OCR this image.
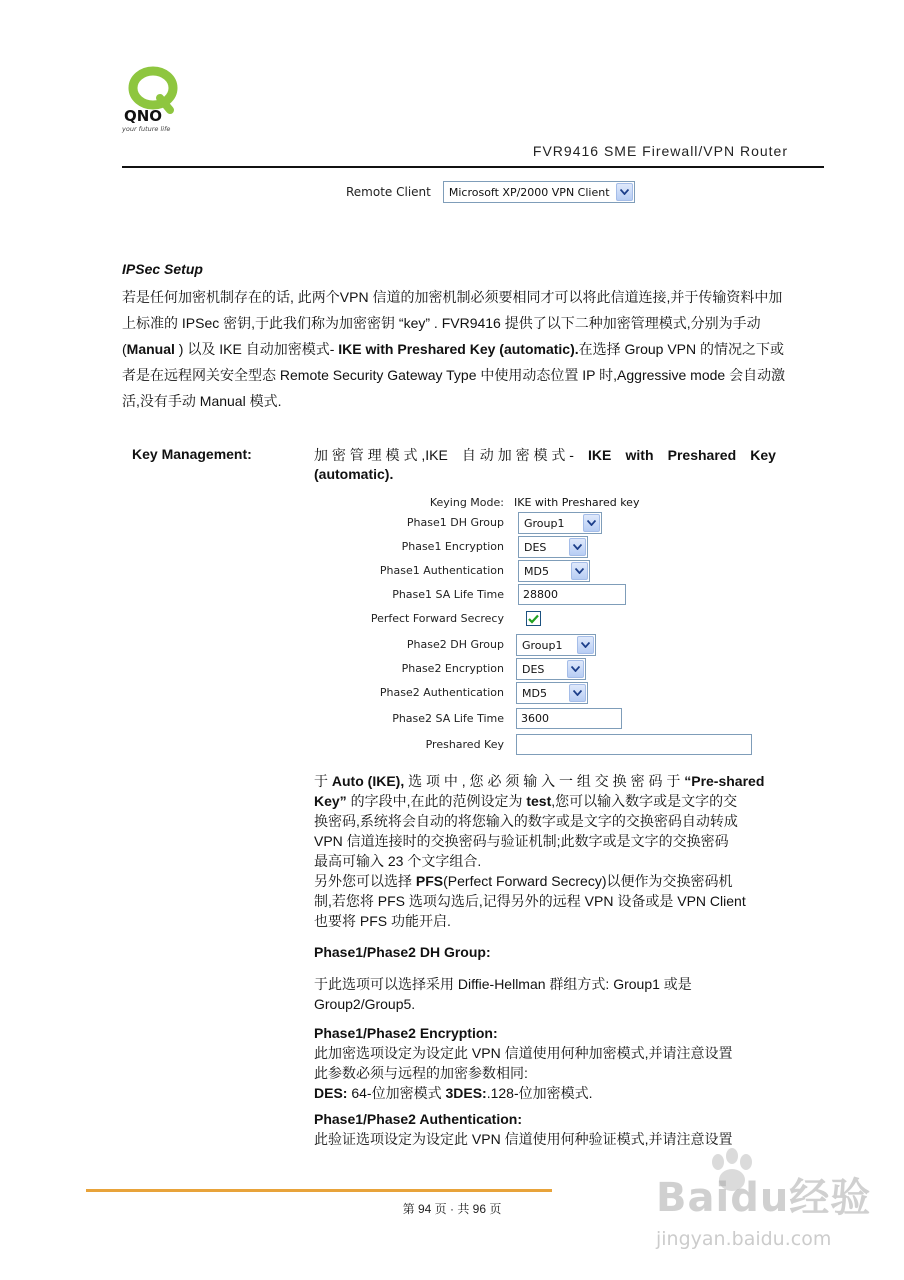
QNO
your future life
FVR9416 SME Firewall/VPN Router
Remote Client Microsoft XP/2000 VPN Client
IPSec Setup
若是任何加密机制存在的话, 此两个VPN 信道的加密机制必须要相同才可以将此信道连接,并于传输资料中加
上标准的 IPSec 密钥,于此我们称为加密密钥 “key” . FVR9416 提供了以下二种加密管理模式,分别为手动
(Manual ) 以及 IKE 自动加密模式- IKE with Preshared Key (automatic).在选择 Group VPN 的情况之下或
者是在远程网关安全型态 Remote Security Gateway Type 中使用动态位置 IP 时,Aggressive mode 会自动激
活,没有手动 Manual 模式.
Key Management:	加 密 管 理 模 式 ,IKE 自 动 加 密 模 式 - IKE with Preshared Key
(automatic).
Keying Mode: IKE with Preshared key
Phase1 DH Group Group1
Phase1 Encryption DES
Phase1 Authentication MD5
Phase1 SA Life Time
28800
Perfect Forward Secrecy
Phase2 DH Group Group1
Phase2 Encryption DES
Phase2 Authentication MD5
Phase2 SA Life Time
3600
Preshared Key
于 Auto (IKE), 选 项 中 , 您 必 须 输 入 一 组 交 换 密 码 于 “Pre-shared
Key” 的字段中,在此的范例设定为 test,您可以输入数字或是文字的交
换密码,系统将会自动的将您输入的数字或是文字的交换密码自动转成
VPN 信道连接时的交换密码与验证机制;此数字或是文字的交换密码
最高可输入 23 个文字组合.
另外您可以选择 PFS(Perfect Forward Secrecy)以便作为交换密码机
制,若您将 PFS 选项勾选后,记得另外的远程 VPN 设备或是 VPN Client
也要将 PFS 功能开启.
Phase1/Phase2 DH Group:
于此选项可以选择采用 Diffie-Hellman 群组方式: Group1 或是
Group2/Group5.
Phase1/Phase2 Encryption:
此加密选项设定为设定此 VPN 信道使用何种加密模式,并请注意设置
此参数必须与远程的加密参数相同:
DES: 64-位加密模式 3DES:.128-位加密模式.
Phase1/Phase2 Authentication:
此验证选项设定为设定此 VPN 信道使用何种验证模式,并请注意设置
第 94 页 · 共 96 页	Baidu经验
jingyan.baidu.com
